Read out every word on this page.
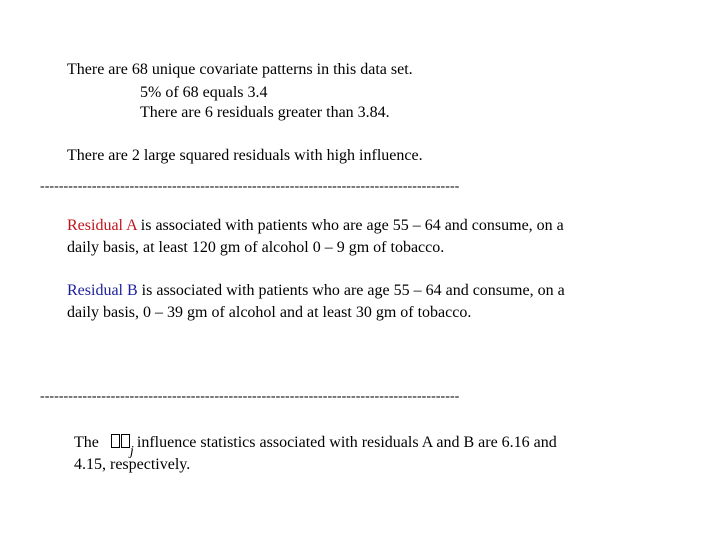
There are 68 unique covariate patterns in this data set.
5% of 68 equals 3.4
There are 6 residuals greater than 3.84.
There are 2 large squared residuals with high influence.
-----------------------------------------------------------------------------------------
Residual A is associated with patients who are age 55 – 64 and consume, on a
daily basis, at least 120 gm of alcohol 0 – 9 gm of tobacco.
Residual B is associated with patients who are age 55 – 64 and consume, on a
daily basis, 0 – 39 gm of alcohol and at least 30 gm of tobacco.
-----------------------------------------------------------------------------------------
The
j
influence statistics associated with residuals A and B are 6.16 and
4.15, respectively.
